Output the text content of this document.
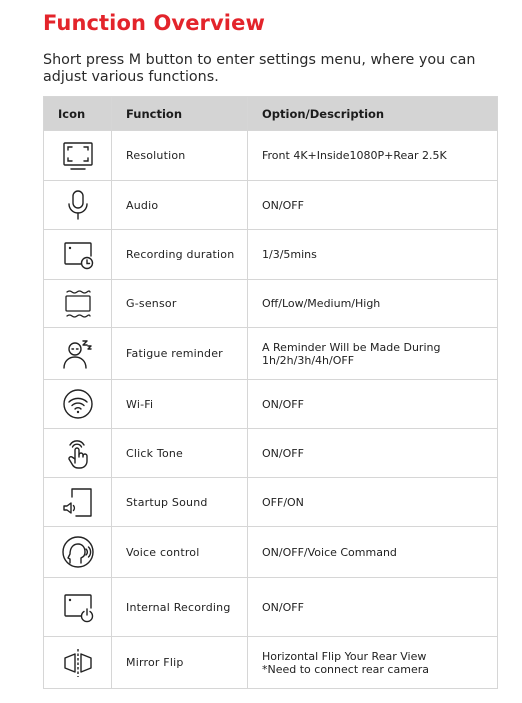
Function Overview

Short press M button to enter settings menu, where you can adjust various functions.

Icon	Function	Option/Description

	Resolution	Front 4K+Inside1080P+Rear 2.5K

	Audio	ON/OFF

	Recording duration	1/3/5mins

	G-sensor	Off/Low/Medium/High

	Fatigue reminder	A Reminder Will be Made During 1h/2h/3h/4h/OFF

	Wi-Fi	ON/OFF

	Click Tone	ON/OFF

	Startup Sound	OFF/ON

	Voice control	ON/OFF/Voice Command

	Internal Recording	ON/OFF

	Mirror Flip	Horizontal Flip Your Rear View
*Need to connect rear camera
